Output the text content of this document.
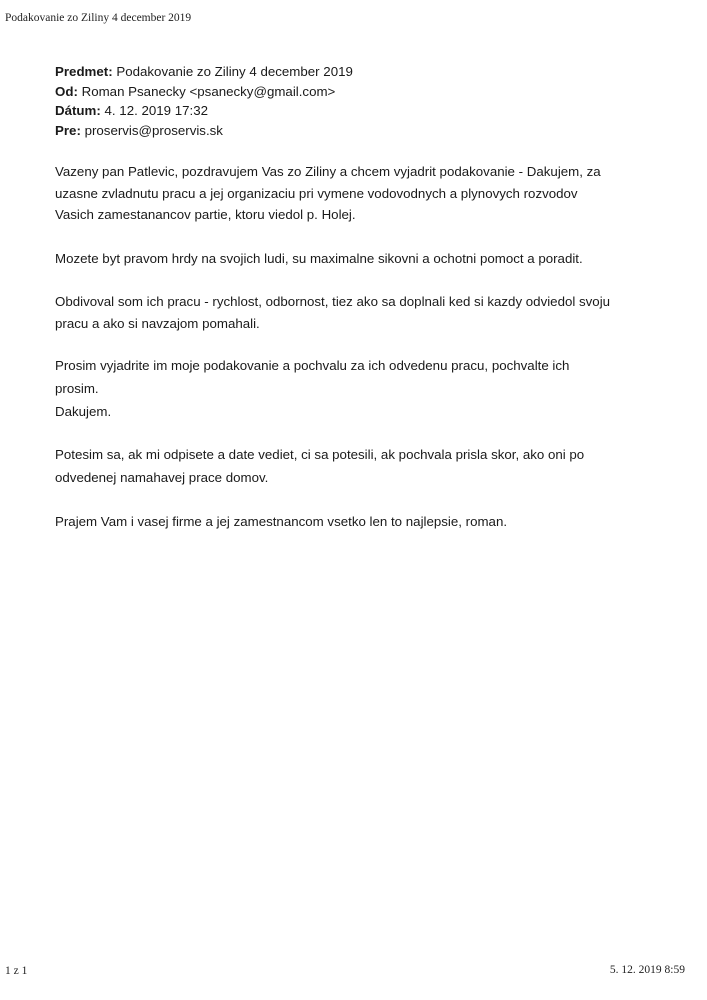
Podakovanie zo Ziliny 4 december 2019
Predmet: Podakovanie zo Ziliny 4 december 2019
Od: Roman Psanecky <psanecky@gmail.com>
Dátum: 4. 12. 2019 17:32
Pre: proservis@proservis.sk

Vazeny pan Patlevic, pozdravujem Vas zo Ziliny a chcem vyjadrit podakovanie - Dakujem, za
uzasne zvladnutu pracu a jej organizaciu pri vymene vodovodnych a plynovych rozvodov
Vasich zamestanancov partie, ktoru viedol p. Holej.

Mozete byt pravom hrdy na svojich ludi, su maximalne sikovni a ochotni pomoct a poradit.

Obdivoval som ich pracu - rychlost, odbornost, tiez ako sa doplnali ked si kazdy odviedol svoju
pracu a ako si navzajom pomahali.

Prosim vyjadrite im moje podakovanie a pochvalu za ich odvedenu pracu, pochvalte ich
prosim.
Dakujem.

Potesim sa, ak mi odpisete a date vediet, ci sa potesili, ak pochvala prisla skor, ako oni po
odvedenej namahavej prace domov.

Prajem Vam i vasej firme a jej zamestnancom vsetko len to najlepsie, roman.

1 z 1	5. 12. 2019 8:59
